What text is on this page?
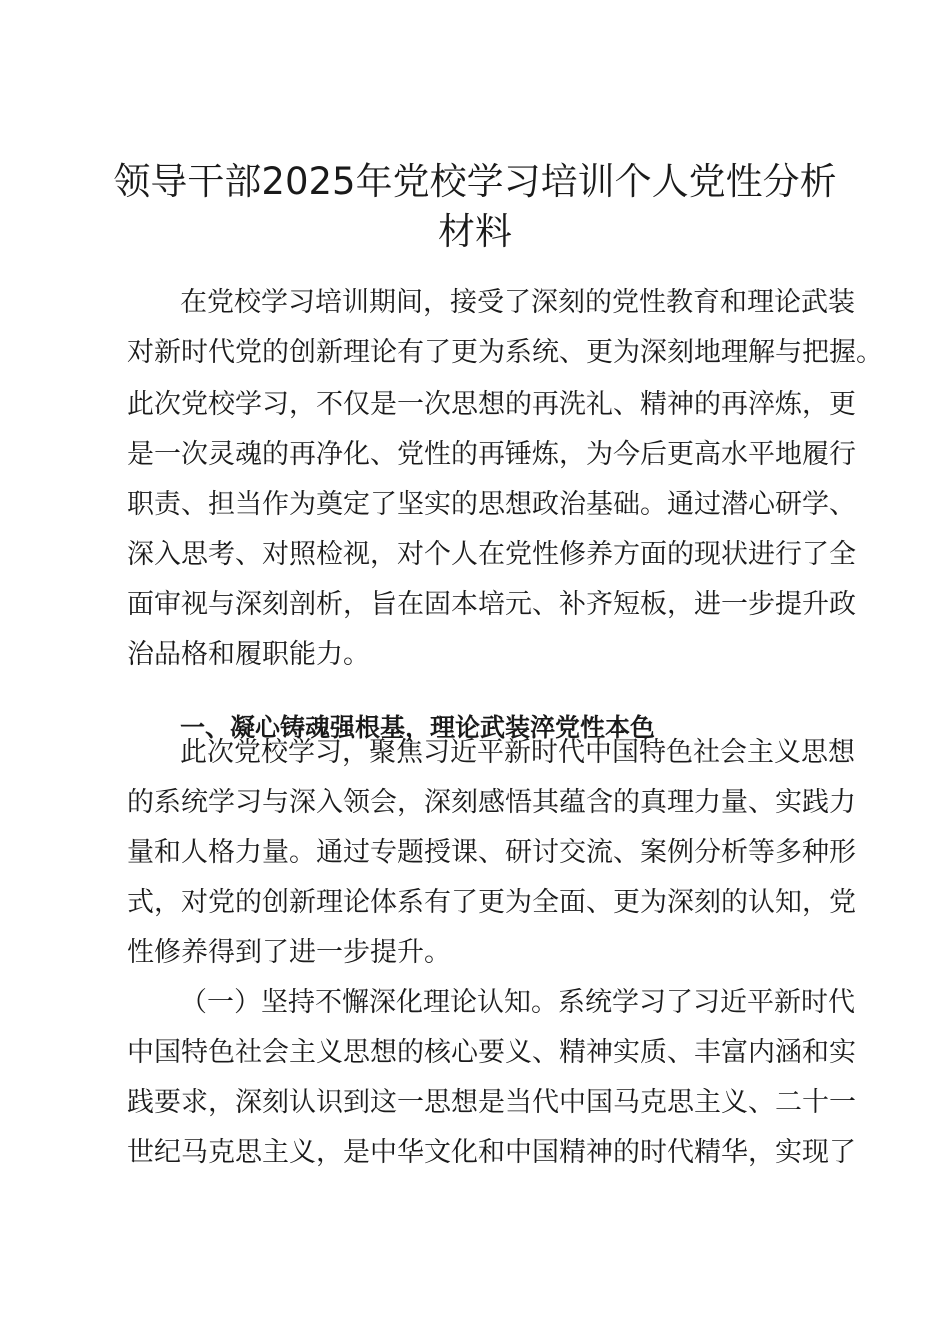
领导干部2025年党校学习培训个人党性分析
材料

在党校学习培训期间，接受了深刻的党性教育和理论武装

对新时代党的创新理论有了更为系统、更为深刻地理解与把握。

此次党校学习，不仅是一次思想的再洗礼、精神的再淬炼，更

是一次灵魂的再净化、党性的再锤炼，为今后更高水平地履行

职责、担当作为奠定了坚实的思想政治基础。通过潜心研学、

深入思考、对照检视，对个人在党性修养方面的现状进行了全

面审视与深刻剖析，旨在固本培元、补齐短板，进一步提升政

治品格和履职能力。

一、凝心铸魂强根基，理论武装淬党性本色

此次党校学习，聚焦习近平新时代中国特色社会主义思想

的系统学习与深入领会，深刻感悟其蕴含的真理力量、实践力

量和人格力量。通过专题授课、研讨交流、案例分析等多种形

式，对党的创新理论体系有了更为全面、更为深刻的认知，党

性修养得到了进一步提升。

（一）坚持不懈深化理论认知。系统学习了习近平新时代

中国特色社会主义思想的核心要义、精神实质、丰富内涵和实

践要求，深刻认识到这一思想是当代中国马克思主义、二十一

世纪马克思主义，是中华文化和中国精神的时代精华，实现了
